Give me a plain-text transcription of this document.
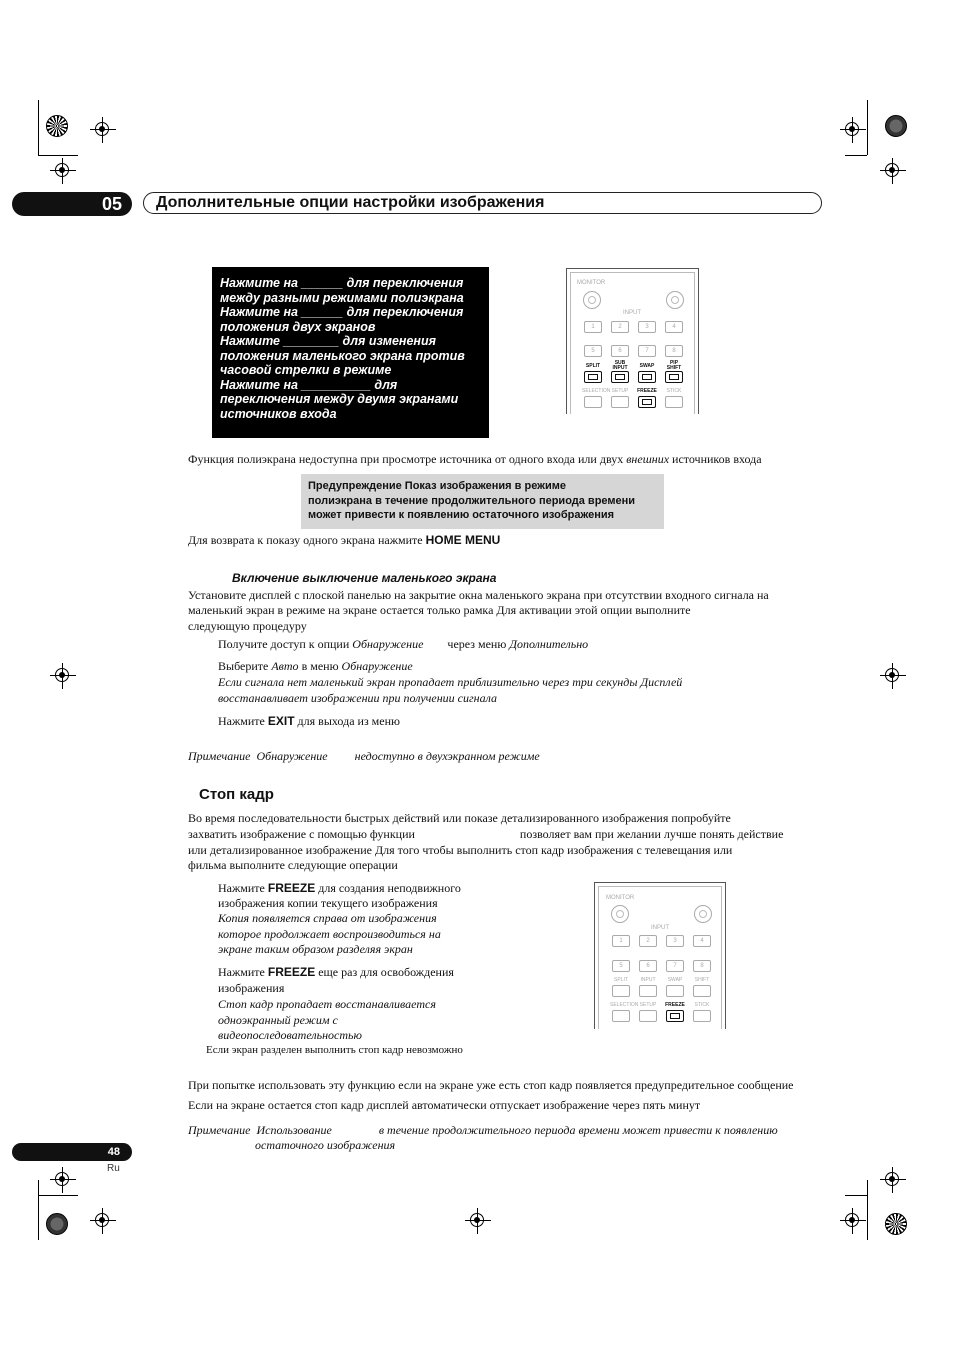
05	Дополнительные опции настройки изображения
Нажмите на ______ для переключения
между разными режимами полиэкрана
Нажмите на ______ для переключения
положения двух экранов
Нажмите ________ для изменения
положения маленького экрана против
часовой стрелки в режиме
Нажмите на __________ для
переключения между двумя экранами
источников входа
MONITOR
INPUT
1	2	3	4
5	6	7	8
SPLIT	SUB INPUT	SWAP	PIP SHIFT
SELECTION SETUP	FREEZE	STICK
Функция полиэкрана недоступна при просмотре источника от одного входа или двух внешних источников входа
Предупреждение Показ изображения в режиме
полиэкрана в течение продолжительного периода времени
может привести к появлению остаточного изображения
Для возврата к показу одного экрана нажмите HOME MENU
Включение выключение маленького экрана
Установите дисплей с плоской панелью на закрытие окна маленького экрана при отсутствии входного сигнала на
маленький экран в режиме на экране остается только рамка Для активации этой опции выполните
следующую процедуру
Получите доступ к опции Обнаружение        через меню Дополнительно
Выберите Авто в меню Обнаружение
Если сигнала нет маленький экран пропадает приблизительно через три секунды Дисплей
восстанавливает изображении при получении сигнала
Нажмите EXIT для выхода из меню
Примечание Обнаружение недоступно в двухэкранном режиме
Стоп кадр
Во время последовательности быстрых действий или показе детализированного изображения попробуйте
захватить изображение с помощью функции                                   позволяет вам при желании лучше понять действие
или детализированное изображение Для того чтобы выполнить стоп кадр изображения с телевещания или
фильма выполните следующие операции
Нажмите FREEZE для создания неподвижного
изображения копии текущего изображения
Копия появляется справа от изображения
которое продолжает воспроизводиться на
экране таким образом разделяя экран
Нажмите FREEZE еще раз для освобождения
изображения
Стоп кадр пропадает восстанавливается
одноэкранный режим с
видеопоследовательностью
Если экран разделен выполнить стоп кадр невозможно
MONITOR
INPUT
1	2	3	4
5	6	7	8
SPLIT	INPUT	SWAP	SHIFT
SELECTION SETUP	FREEZE	STICK
При попытке использовать эту функцию если на экране уже есть стоп кадр появляется предупредительное сообщение
Если на экране остается стоп кадр дисплей автоматически отпускает изображение через пять минут
Примечание Использование	в течение продолжительного периода времени может привести к появлению
остаточного изображения
48
Ru
